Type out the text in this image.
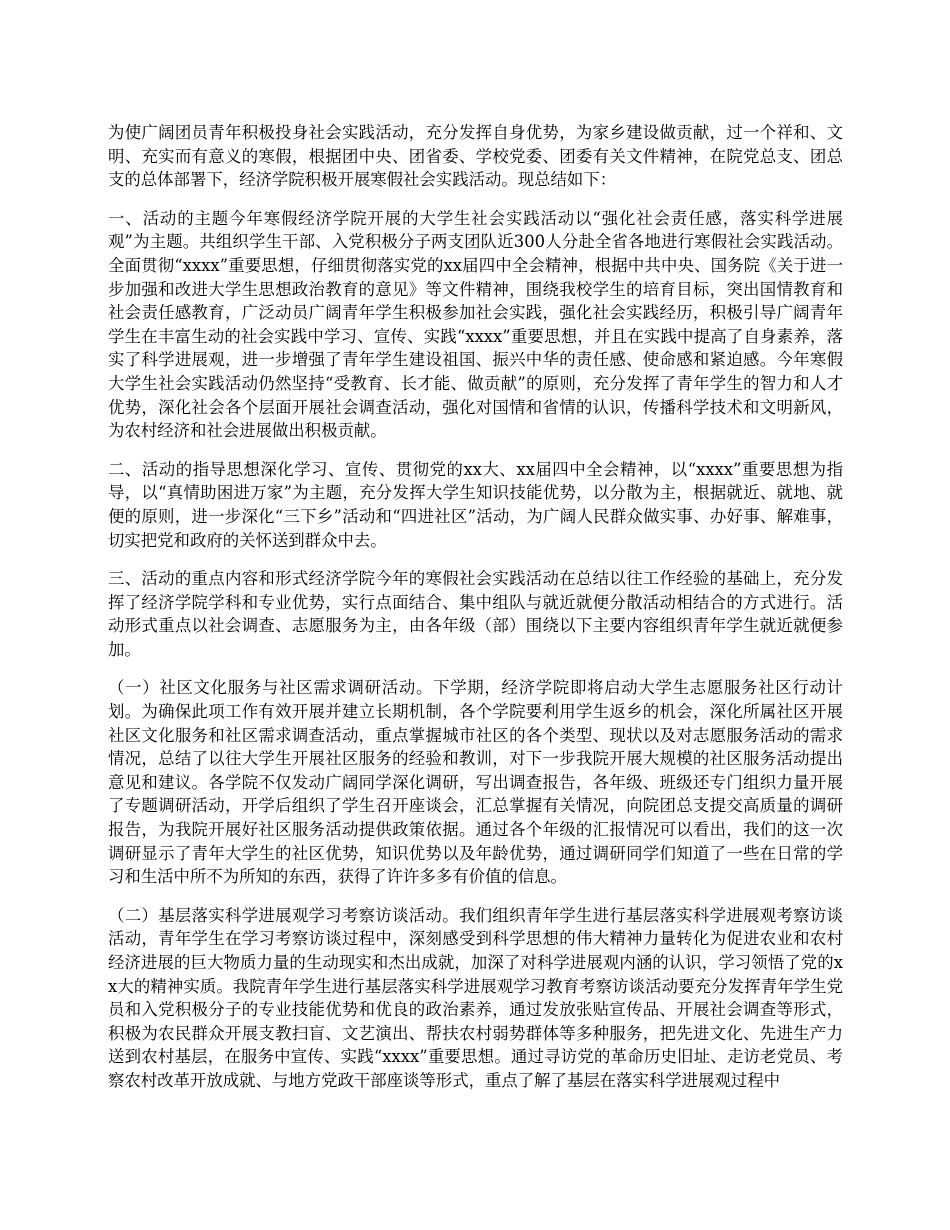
为使广阔团员青年积极投身社会实践活动，充分发挥自身优势，为家乡建设做贡献，过一个祥和、文明、充实而有意义的寒假，根据团中央、团省委、学校党委、团委有关文件精神，在院党总支、团总支的总体部署下，经济学院积极开展寒假社会实践活动。现总结如下：

一、活动的主题今年寒假经济学院开展的大学生社会实践活动以“强化社会责任感，落实科学进展观”为主题。共组织学生干部、入党积极分子两支团队近300人分赴全省各地进行寒假社会实践活动。全面贯彻“xxxx”重要思想，仔细贯彻落实党的xx届四中全会精神，根据中共中央、国务院《关于进一步加强和改进大学生思想政治教育的意见》等文件精神，围绕我校学生的培育目标，突出国情教育和社会责任感教育，广泛动员广阔青年学生积极参加社会实践，强化社会实践经历，积极引导广阔青年学生在丰富生动的社会实践中学习、宣传、实践“xxxx”重要思想，并且在实践中提高了自身素养，落实了科学进展观，进一步增强了青年学生建设祖国、振兴中华的责任感、使命感和紧迫感。今年寒假大学生社会实践活动仍然坚持“受教育、长才能、做贡献”的原则，充分发挥了青年学生的智力和人才优势，深化社会各个层面开展社会调查活动，强化对国情和省情的认识，传播科学技术和文明新风，为农村经济和社会进展做出积极贡献。

二、活动的指导思想深化学习、宣传、贯彻党的xx大、xx届四中全会精神，以“xxxx”重要思想为指导，以“真情助困进万家”为主题，充分发挥大学生知识技能优势，以分散为主，根据就近、就地、就便的原则，进一步深化“三下乡”活动和“四进社区”活动，为广阔人民群众做实事、办好事、解难事，切实把党和政府的关怀送到群众中去。

三、活动的重点内容和形式经济学院今年的寒假社会实践活动在总结以往工作经验的基础上，充分发挥了经济学院学科和专业优势，实行点面结合、集中组队与就近就便分散活动相结合的方式进行。活动形式重点以社会调查、志愿服务为主，由各年级（部）围绕以下主要内容组织青年学生就近就便参加。

（一）社区文化服务与社区需求调研活动。下学期，经济学院即将启动大学生志愿服务社区行动计划。为确保此项工作有效开展并建立长期机制，各个学院要利用学生返乡的机会，深化所属社区开展社区文化服务和社区需求调查活动，重点掌握城市社区的各个类型、现状以及对志愿服务活动的需求情况，总结了以往大学生开展社区服务的经验和教训，对下一步我院开展大规模的社区服务活动提出意见和建议。各学院不仅发动广阔同学深化调研，写出调查报告，各年级、班级还专门组织力量开展了专题调研活动，开学后组织了学生召开座谈会，汇总掌握有关情况，向院团总支提交高质量的调研报告，为我院开展好社区服务活动提供政策依据。通过各个年级的汇报情况可以看出，我们的这一次调研显示了青年大学生的社区优势，知识优势以及年龄优势，通过调研同学们知道了一些在日常的学习和生活中所不为所知的东西，获得了许许多多有价值的信息。

（二）基层落实科学进展观学习考察访谈活动。我们组织青年学生进行基层落实科学进展观考察访谈活动，青年学生在学习考察访谈过程中，深刻感受到科学思想的伟大精神力量转化为促进农业和农村经济进展的巨大物质力量的生动现实和杰出成就，加深了对科学进展观内涵的认识，学习领悟了党的xx大的精神实质。我院青年学生进行基层落实科学进展观学习教育考察访谈活动要充分发挥青年学生党员和入党积极分子的专业技能优势和优良的政治素养，通过发放张贴宣传品、开展社会调查等形式，积极为农民群众开展支教扫盲、文艺演出、帮扶农村弱势群体等多种服务，把先进文化、先进生产力送到农村基层，在服务中宣传、实践“xxxx”重要思想。通过寻访党的革命历史旧址、走访老党员、考察农村改革开放成就、与地方党政干部座谈等形式，重点了解了基层在落实科学进展观过程中
